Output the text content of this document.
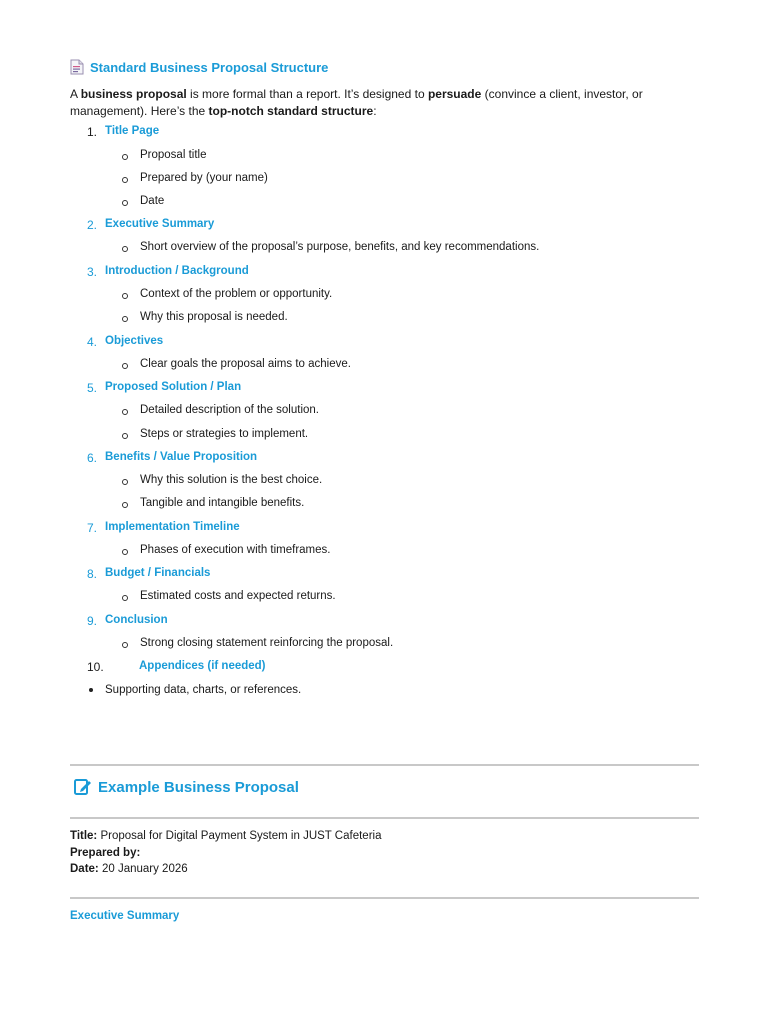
Standard Business Proposal Structure
A business proposal is more formal than a report. It’s designed to persuade (convince a client, investor, or management). Here’s the top-notch standard structure:
1. Title Page
Proposal title
Prepared by (your name)
Date
2. Executive Summary
Short overview of the proposal’s purpose, benefits, and key recommendations.
3. Introduction / Background
Context of the problem or opportunity.
Why this proposal is needed.
4. Objectives
Clear goals the proposal aims to achieve.
5. Proposed Solution / Plan
Detailed description of the solution.
Steps or strategies to implement.
6. Benefits / Value Proposition
Why this solution is the best choice.
Tangible and intangible benefits.
7. Implementation Timeline
Phases of execution with timeframes.
8. Budget / Financials
Estimated costs and expected returns.
9. Conclusion
Strong closing statement reinforcing the proposal.
10.	Appendices (if needed)
Supporting data, charts, or references.
Example Business Proposal
Title: Proposal for Digital Payment System in JUST Cafeteria
Prepared by:
Date: 20 January 2026
Executive Summary
